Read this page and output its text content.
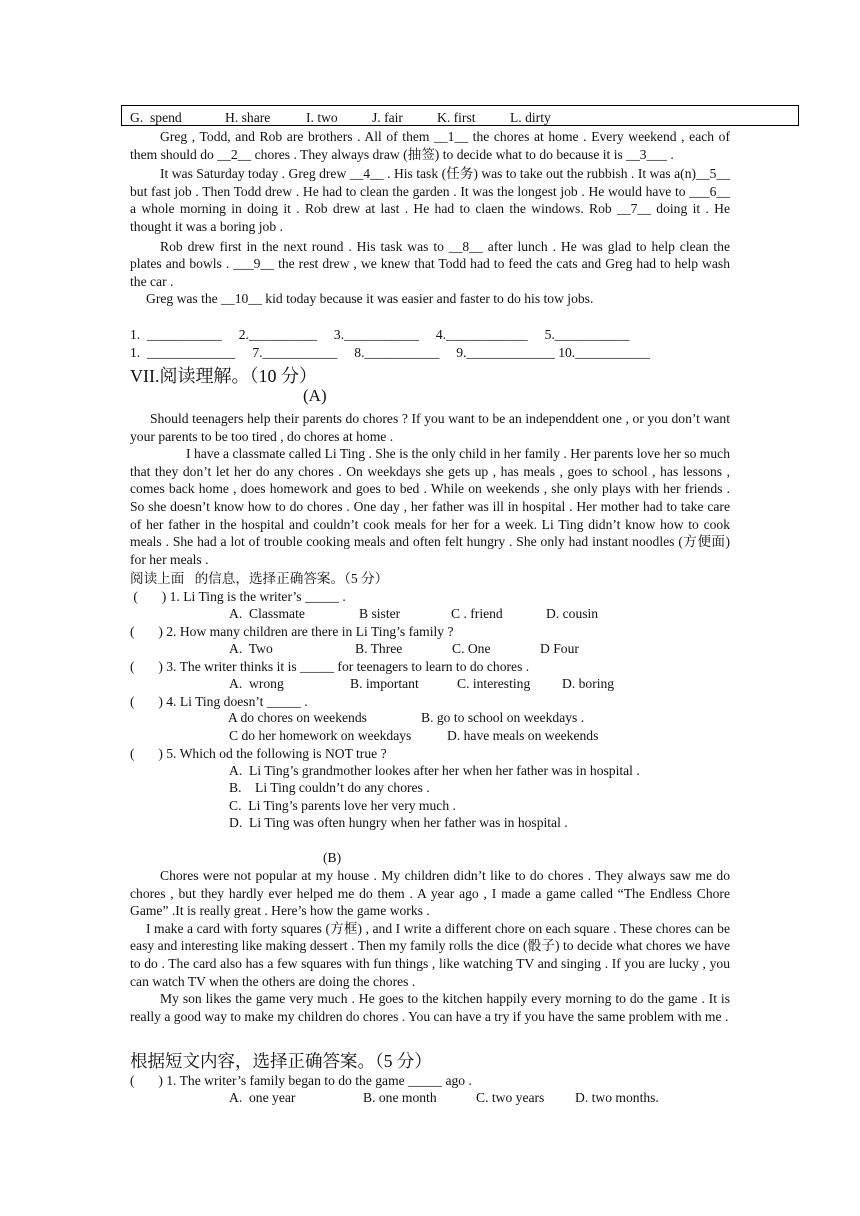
G.  spend	H. share	I. two	J. fair	K. first	L. dirty

Greg , Todd, and Rob are brothers . All of them __1__ the chores at home . Every weekend , each of them should do __2__ chores . They always draw (抽签) to decide what to do because it is __3___ .

It was Saturday today . Greg drew __4__ . His task (任务) was to take out the rubbish . It was a(n)__5__ but fast job . Then Todd drew . He had to clean the garden . It was the longest job . He would have to ___6__ a whole morning in doing it . Rob drew at last . He had to claen the windows. Rob __7__ doing it . He thought it was a boring job .

Rob drew first in the next round . His task was to __8__ after lunch . He was glad to help clean the plates and bowls . ___9__ the rest drew , we knew that Todd had to feed the cats and Greg had to help wash the car .

Greg was the __10__ kid today because it was easier and faster to do his tow jobs.

1.  ___________     2.__________     3.___________     4.____________     5.___________
1.  _____________     7.___________     8.___________     9._____________ 10.___________
VII.阅读理解。（10 分）
(A)

Should teenagers help their parents do chores ? If you want to be an independdent one , or you don’t want your parents to be too tired , do chores at home .

I have a classmate called Li Ting . She is the only child in her family . Her parents love her so much that they don’t let her do any chores . On weekdays she gets up , has meals , goes to school , has lessons , comes back home , does homework and goes to bed . While on weekends , she only plays with her friends . So she doesn’t know how to do chores . One day , her father was ill in hospital . Her mother had to take care of her father in the hospital and couldn’t cook meals for her for a week. Li Ting didn’t know how to cook meals . She had a lot of trouble cooking meals and often felt hungry . She only had instant noodles (方便面) for her meals .

阅读上面   的信息，选择正确答案。（5 分）
(       ) 1. Li Ting is the writer’s _____ .
A.  Classmate	B sister	C . friend	D. cousin
(       ) 2. How many children are there in Li Ting’s family ?
A.  Two	B. Three	C. One	D Four
(       ) 3. The writer thinks it is _____ for teenagers to learn to do chores .
A.  wrong	B. important	C. interesting D. boring
(       ) 4. Li Ting doesn’t _____ .
A do chores on weekends	B. go to school on weekdays .
C do her homework on weekdays	D. have meals on weekends
(       ) 5. Which od the following is NOT true ?
A.  Li Ting’s grandmother lookes after her when her father was in hospital .
B.    Li Ting couldn’t do any chores .
C.  Li Ting’s parents love her very much .
D.  Li Ting was often hungry when her father was in hospital .
(B)

Chores were not popular at my house . My children didn’t like to do chores . They always saw me do chores , but they hardly ever helped me do them . A year ago , I made a game called “The Endless Chore Game” .It is really great . Here’s how the game works .

I make a card with forty squares (方框) , and I write a different chore on each square . These chores can be easy and interesting like making dessert . Then my family rolls the dice (骰子) to decide what chores we have to do . The card also has a few squares with fun things , like watching TV and singing . If you are lucky , you can watch TV when the others are doing the chores .

My son likes the game very much . He goes to the kitchen happily every morning to do the game . It is really a good way to make my children do chores . You can have a try if you have the same problem with me .

根据短文内容，选择正确答案。（5 分）
(       ) 1. The writer’s family began to do the game _____ ago .
A.  one year	B. one month	C. two years D. two months.
